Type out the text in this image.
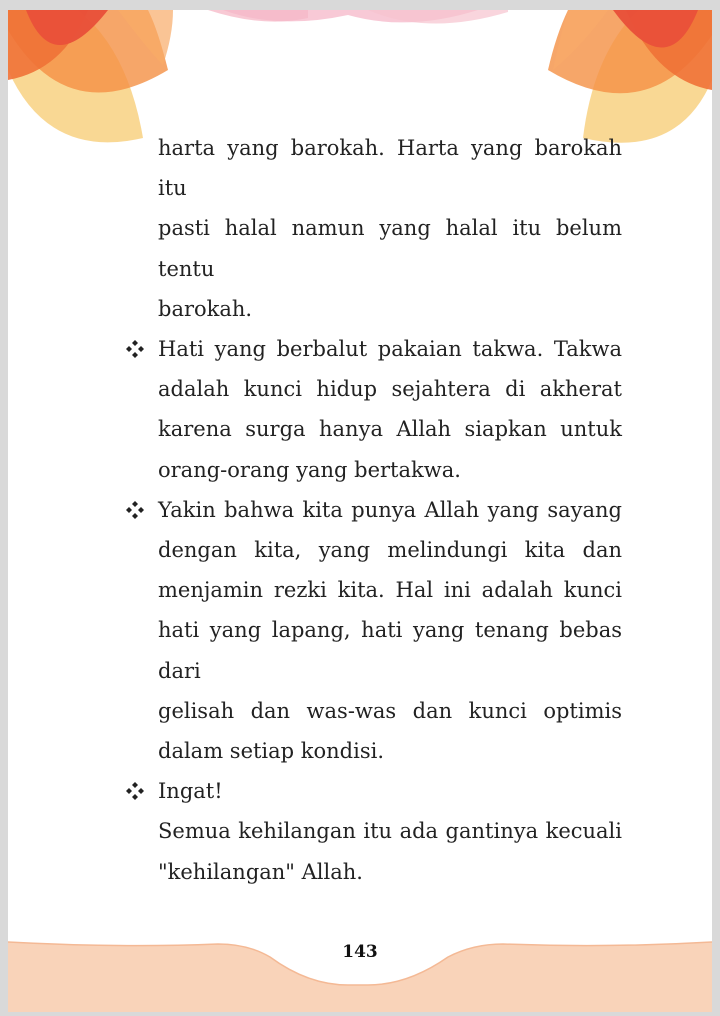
harta yang barokah. Harta yang barokah itu

pasti halal namun yang halal itu belum tentu

barokah.

Hati yang berbalut pakaian takwa. Takwa

adalah kunci hidup sejahtera di akherat

karena surga hanya Allah siapkan untuk

orang-orang yang bertakwa.

Yakin bahwa kita punya Allah yang sayang

dengan kita, yang melindungi kita dan

menjamin rezki kita. Hal ini adalah kunci

hati yang lapang, hati yang tenang bebas dari

gelisah dan was-was dan kunci optimis

dalam setiap kondisi.

Ingat!

Semua kehilangan itu ada gantinya kecuali

"kehilangan" Allah.

143
